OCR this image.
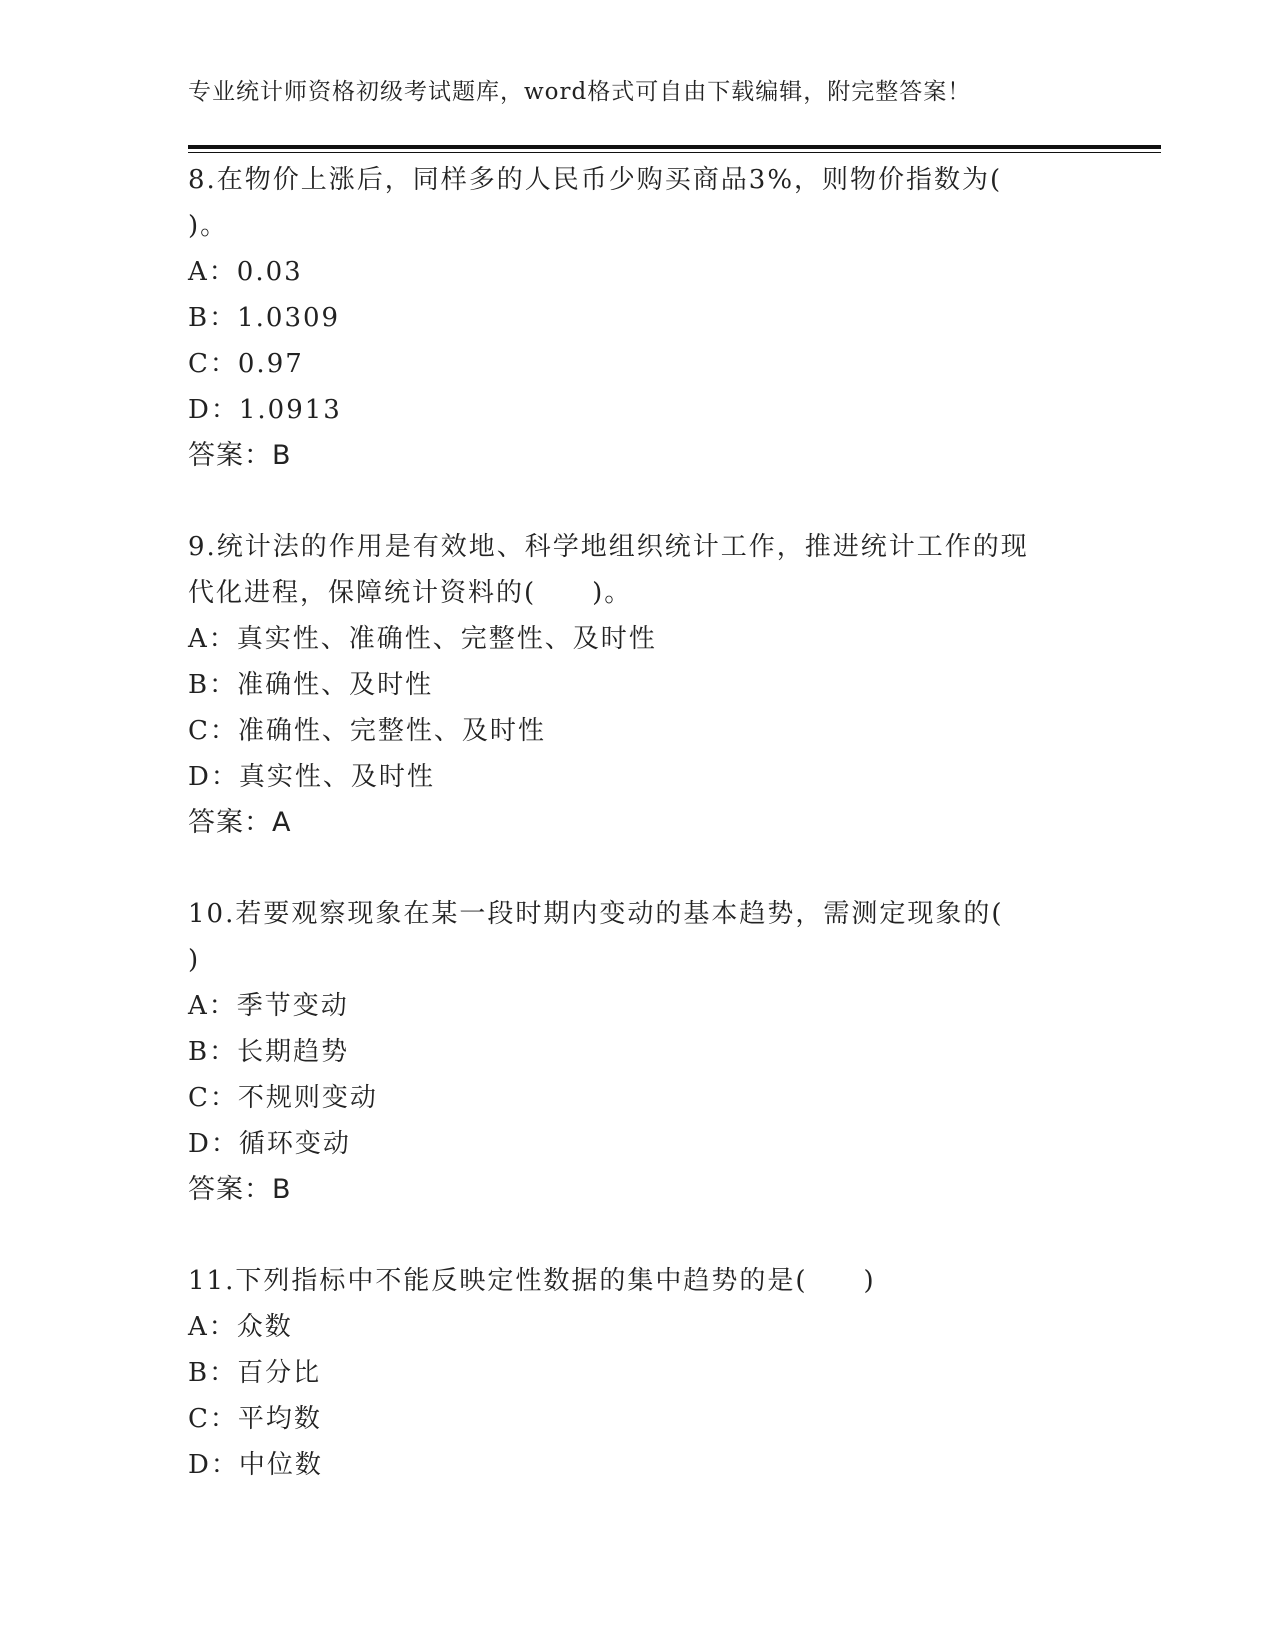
专业统计师资格初级考试题库，word格式可自由下载编辑，附完整答案！
8.在物价上涨后，同样多的人民币少购买商品3%，则物价指数为(
)。
A：0.03
B：1.0309
C：0.97
D：1.0913
答案：B
9.统计法的作用是有效地、科学地组织统计工作，推进统计工作的现
代化进程，保障统计资料的(　　)。
A：真实性、准确性、完整性、及时性
B：准确性、及时性
C：准确性、完整性、及时性
D：真实性、及时性
答案：A
10.若要观察现象在某一段时期内变动的基本趋势，需测定现象的(
)
A：季节变动
B：长期趋势
C：不规则变动
D：循环变动
答案：B
11.下列指标中不能反映定性数据的集中趋势的是(　　)
A：众数
B：百分比
C：平均数
D：中位数
